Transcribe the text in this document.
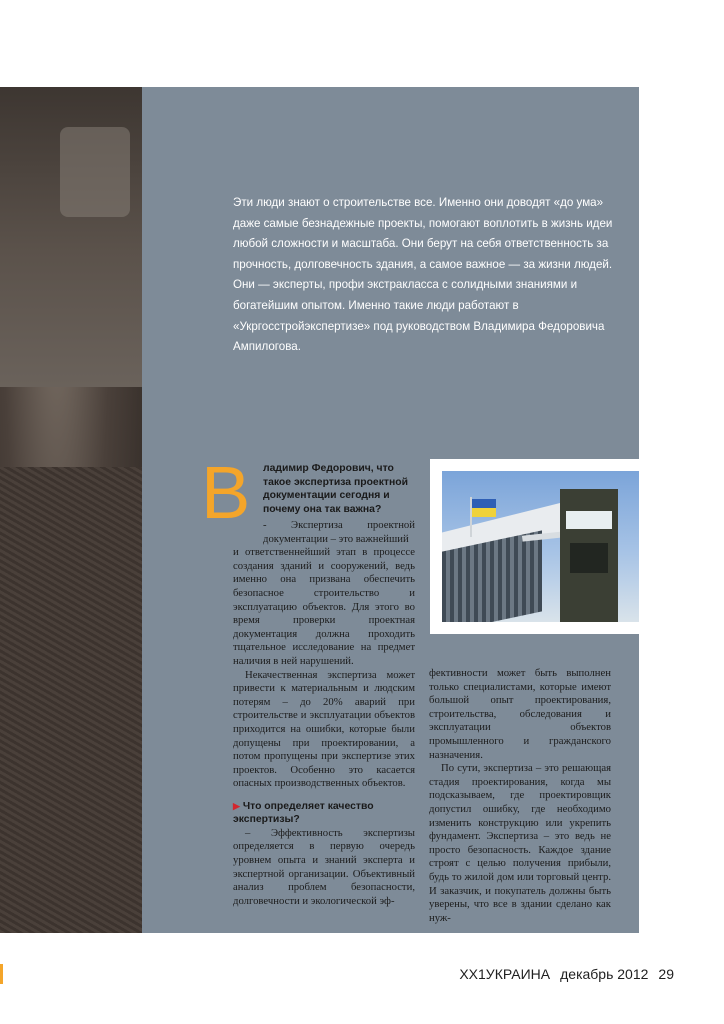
Эти люди знают о строительстве все. Именно они доводят «до ума» даже самые безнадежные проекты, помогают воплотить в жизнь идеи любой сложности и масштаба. Они берут на себя ответственность за прочность, долговечность здания, а самое важное — за жизни людей. Они — эксперты, профи экстракласса с солидными знаниями и богатейшим опытом. Именно такие люди работают в «Укргосстройэкспертизе» под руководством Владимира Федоровича Ампилогова.

В ладимир Федорович, что такое экспертиза проектной документации сегодня и почему она так важна?

- Экспертиза проектной документации – это важнейший

и ответственнейший этап в процессе создания зданий и сооружений, ведь именно она призвана обеспечить безопасное строительство и эксплуатацию объектов. Для этого во время проверки проектная документация должна проходить тщательное исследование на предмет наличия в ней нарушений.

Некачественная экспертиза может привести к материальным и людским потерям – до 20% аварий при строительстве и эксплуатации объектов приходится на ошибки, которые были допущены при проектировании, а потом пропущены при экспертизе этих проектов. Особенно это касается опасных производственных объектов.

▶ Что определяет качество экспертизы?

– Эффективность экспертизы определяется в первую очередь уровнем опыта и знаний эксперта и экспертной организации. Объективный анализ проблем безопасности, долговечности и экологической эф-

фективности может быть выполнен только специалистами, которые имеют большой опыт проектирования, строительства, обследования и эксплуатации объектов промышленного и гражданского назначения.

По сути, экспертиза – это решающая стадия проектирования, когда мы подсказываем, где проектировщик допустил ошибку, где необходимо изменить конструкцию или укрепить фундамент. Экспертиза – это ведь не просто безопасность. Каждое здание строят с целью получения прибыли, будь то жилой дом или торговый центр. И заказчик, и покупатель должны быть уверены, что все в здании сделано как нуж-

XX1УКРАИНА декабрь 2012 29
